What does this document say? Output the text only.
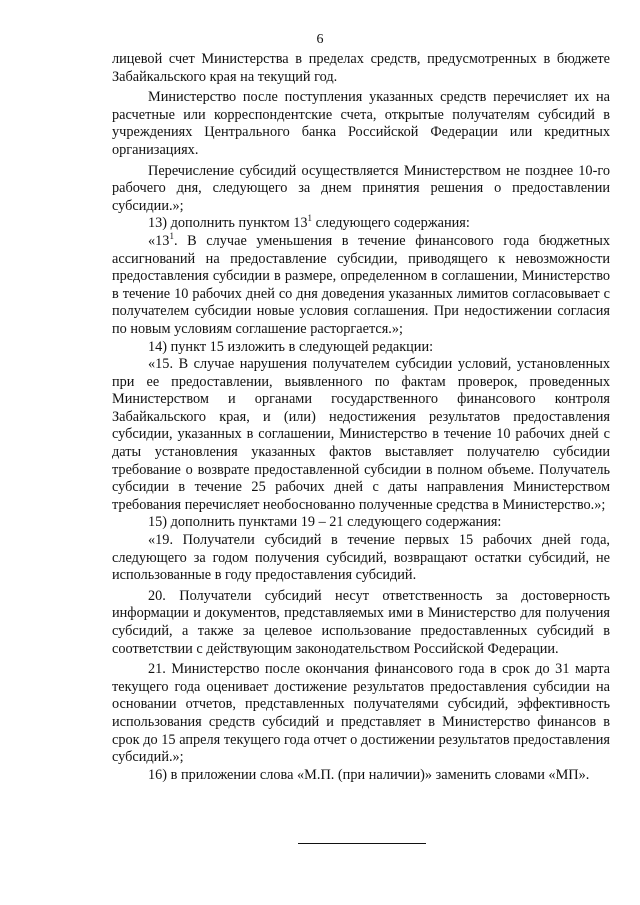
6

лицевой счет Министерства в пределах средств, предусмотренных в бюджете Забайкальского края на текущий год.

Министерство после поступления указанных средств перечисляет их на расчетные или корреспондентские счета, открытые получателям субсидий в учреждениях Центрального банка Российской Федерации или кредитных организациях.

Перечисление субсидий осуществляется Министерством не позднее 10-го рабочего дня, следующего за днем принятия решения о предоставлении субсидии.»;

13) дополнить пунктом $13^1$ следующего содержания:

«$13^1$. В случае уменьшения в течение финансового года бюджетных ассигнований на предоставление субсидии, приводящего к невозможности предоставления субсидии в размере, определенном в соглашении, Министерство в течение 10 рабочих дней со дня доведения указанных лимитов согласовывает с получателем субсидии новые условия соглашения. При недостижении согласия по новым условиям соглашение расторгается.»;

14) пункт 15 изложить в следующей редакции:

«15. В случае нарушения получателем субсидии условий, установленных при ее предоставлении, выявленного по фактам проверок, проведенных Министерством и органами государственного финансового контроля Забайкальского края, и (или) недостижения результатов предоставления субсидии, указанных в соглашении, Министерство в течение 10 рабочих дней с даты установления указанных фактов выставляет получателю субсидии требование о возврате предоставленной субсидии в полном объеме. Получатель субсидии в течение 25 рабочих дней с даты направления Министерством требования перечисляет необоснованно полученные средства в Министерство.»;

15) дополнить пунктами 19 – 21 следующего содержания:

«19. Получатели субсидий в течение первых 15 рабочих дней года, следующего за годом получения субсидий, возвращают остатки субсидий, не использованные в году предоставления субсидий.

20. Получатели субсидий несут ответственность за достоверность информации и документов, представляемых ими в Министерство для получения субсидий, а также за целевое использование предоставленных субсидий в соответствии с действующим законодательством Российской Федерации.

21. Министерство после окончания финансового года в срок до 31 марта текущего года оценивает достижение результатов предоставления субсидии на основании отчетов, представленных получателями субсидий, эффективность использования средств субсидий и представляет в Министерство финансов в срок до 15 апреля текущего года отчет о достижении результатов предоставления субсидий.»;

16) в приложении слова «М.П. (при наличии)» заменить словами «МП».
